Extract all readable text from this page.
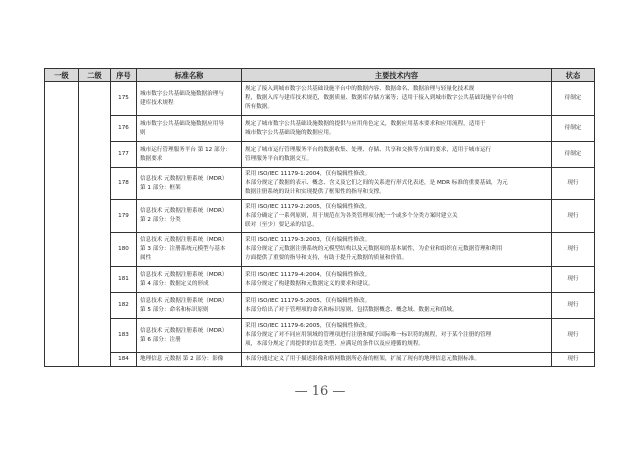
一级	二级	序号	标准名称	主要技术内容	状态
		175	城市数字公共基础设施数据治理与
建库技术规程	规定了接入到城市数字公共基础设施平台中的数据内容、数据命名、数据治理与轻量化技术规
程，数据入库与建库技术规范，数据质量、数据库存储方案等；适用于接入到城市数字公共基础设施平台中的
所有数据。	待制定
		176	城市数字公共基础设施数据应用导
则	规定了城市数字公共基础设施数据的提供与应用角色定义，数据应用基本要求和应用流程，适用于
城市数字公共基础设施的数据应用。	待制定
		177	城市运行管理服务平台 第 12 部分：
数据要求	规定了城市运行管理服务平台的数据收集、处理、存储、共享和交换等方面的要求，适用于城市运行
管理服务平台的数据交互。	待制定
		178	信息技术 元数据注册系统（MDR）
第 1 部分：框架	采用 ISO/IEC 11179-1:2004，仅有编辑性修改。
本部分规定了数据的表示、概念、含义及它们之间的关系进行形式化表述，是 MDR 标准的重要基础，为元
数据注册系统的设计和实现提供了框架性的指导和支撑。	现行
		179	信息技术 元数据注册系统（MDR）
第 2 部分：分类	采用 ISO/IEC 11179-2:2005，仅有编辑性修改。
本部分确定了一系列原则，用于规范在为各类管理项分配一个或多个分类方案时建立关
联对（至少）要记录的信息。	现行
		180	信息技术 元数据注册系统（MDR）
第 3 部分：注册系统元模型与基本
属性	采用 ISO/IEC 11179-3:2003，仅有编辑性修改。
本部分规定了元数据注册系统的元模型结构以及元数据项的基本属性，为企业和组织在元数据管理和利用
方面提供了重要的指导和支持，有助于提升元数据的质量和价值。	现行
		181	信息技术 元数据注册系统（MDR）
第 4 部分：数据定义的形成	采用 ISO/IEC 11179-4:2004，仅有编辑性修改。
本部分规定了构建数据和元数据定义的要求和建议。	现行
		182	信息技术 元数据注册系统（MDR）
第 5 部分：命名和标识原则	采用 ISO/IEC 11179-5:2005，仅有编辑性修改。
本部分给出了对于管理项的命名和标识原则，包括数据概念、概念域、数据元和值域。	现行
		183	信息技术 元数据注册系统（MDR）
第 6 部分：注册	采用 ISO/IEC 11179-6:2005，仅有编辑性修改。
本部分规定了对不同应用领域的管理项进行注册和赋予国际唯一标识符的规程，对于某个注册的管理
项，本部分规定了需提供的信息类型、应满足的条件以及应遵循的规程。	现行
		184	地理信息 元数据 第 2 部分：影像	本部分通过定义了用于描述影像和格网数据所必备的框架，扩展了现有的地理信息元数据标准。	现行
— 16 —
